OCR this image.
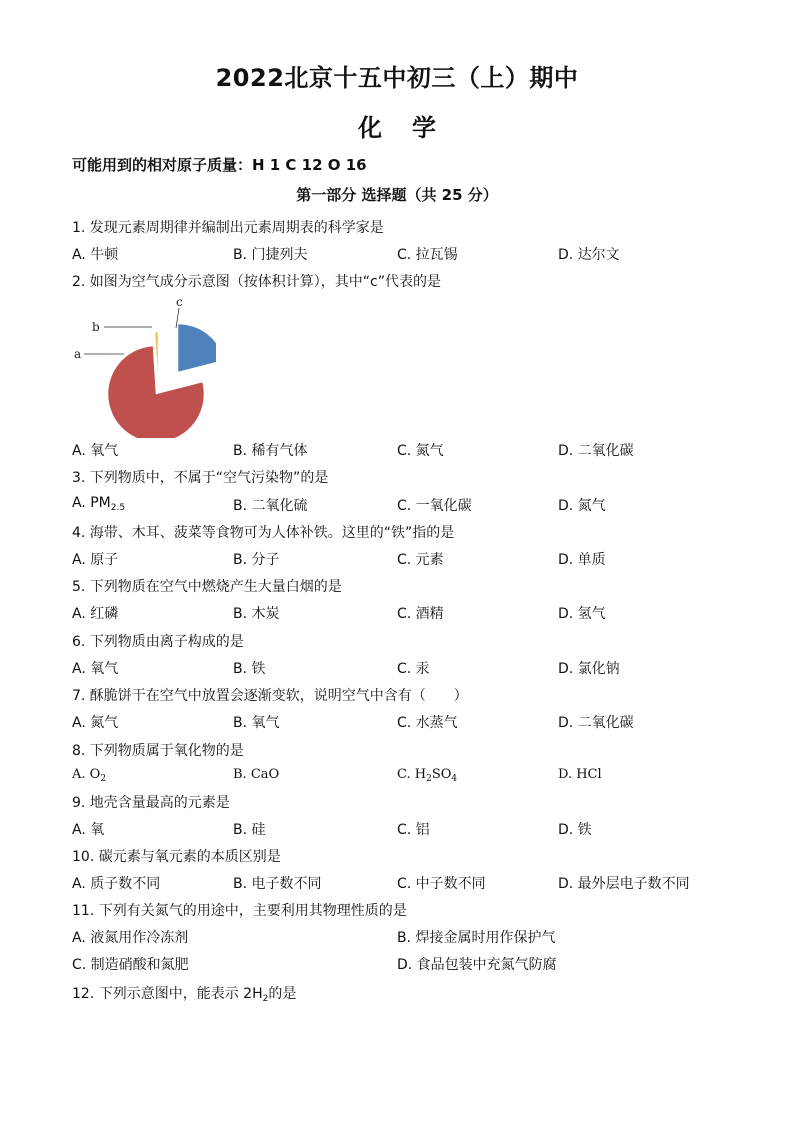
2022北京十五中初三（上）期中
化学
可能用到的相对原子质量：H 1 C 12 O 16
第一部分 选择题（共 25 分）
1. 发现元素周期律并编制出元素周期表的科学家是
A. 牛顿	B. 门捷列夫	C. 拉瓦锡	D. 达尔文
2. 如图为空气成分示意图（按体积计算），其中“c”代表的是
a
b
c
A. 氧气	B. 稀有气体	C. 氮气	D. 二氧化碳
3. 下列物质中，不属于“空气污染物”的是
A. $PM_{2.5}$	B. 二氧化硫	C. 一氧化碳	D. 氮气
4. 海带、木耳、菠菜等食物可为人体补铁。这里的“铁”指的是
A. 原子	B. 分子	C. 元素	D. 单质
5. 下列物质在空气中燃烧产生大量白烟的是
A. 红磷	B. 木炭	C. 酒精	D. 氢气
6. 下列物质由离子构成的是
A. 氧气	B. 铁	C. 汞	D. 氯化钠
7. 酥脆饼干在空气中放置会逐渐变软，说明空气中含有（　　）
A. 氮气	B. 氧气	C. 水蒸气	D. 二氧化碳
8. 下列物质属于氧化物的是
A. $O_2$	B. CaO	C. $H_2SO_4$	D. HCl
9. 地壳含量最高的元素是
A. 氧	B. 硅	C. 铝	D. 铁
10. 碳元素与氧元素的本质区别是
A. 质子数不同	B. 电子数不同	C. 中子数不同	D. 最外层电子数不同
11. 下列有关氮气的用途中，主要利用其物理性质的是
A. 液氮用作冷冻剂	B. 焊接金属时用作保护气
C. 制造硝酸和氮肥	D. 食品包装中充氮气防腐
12. 下列示意图中，能表示 $2H_2$的是
